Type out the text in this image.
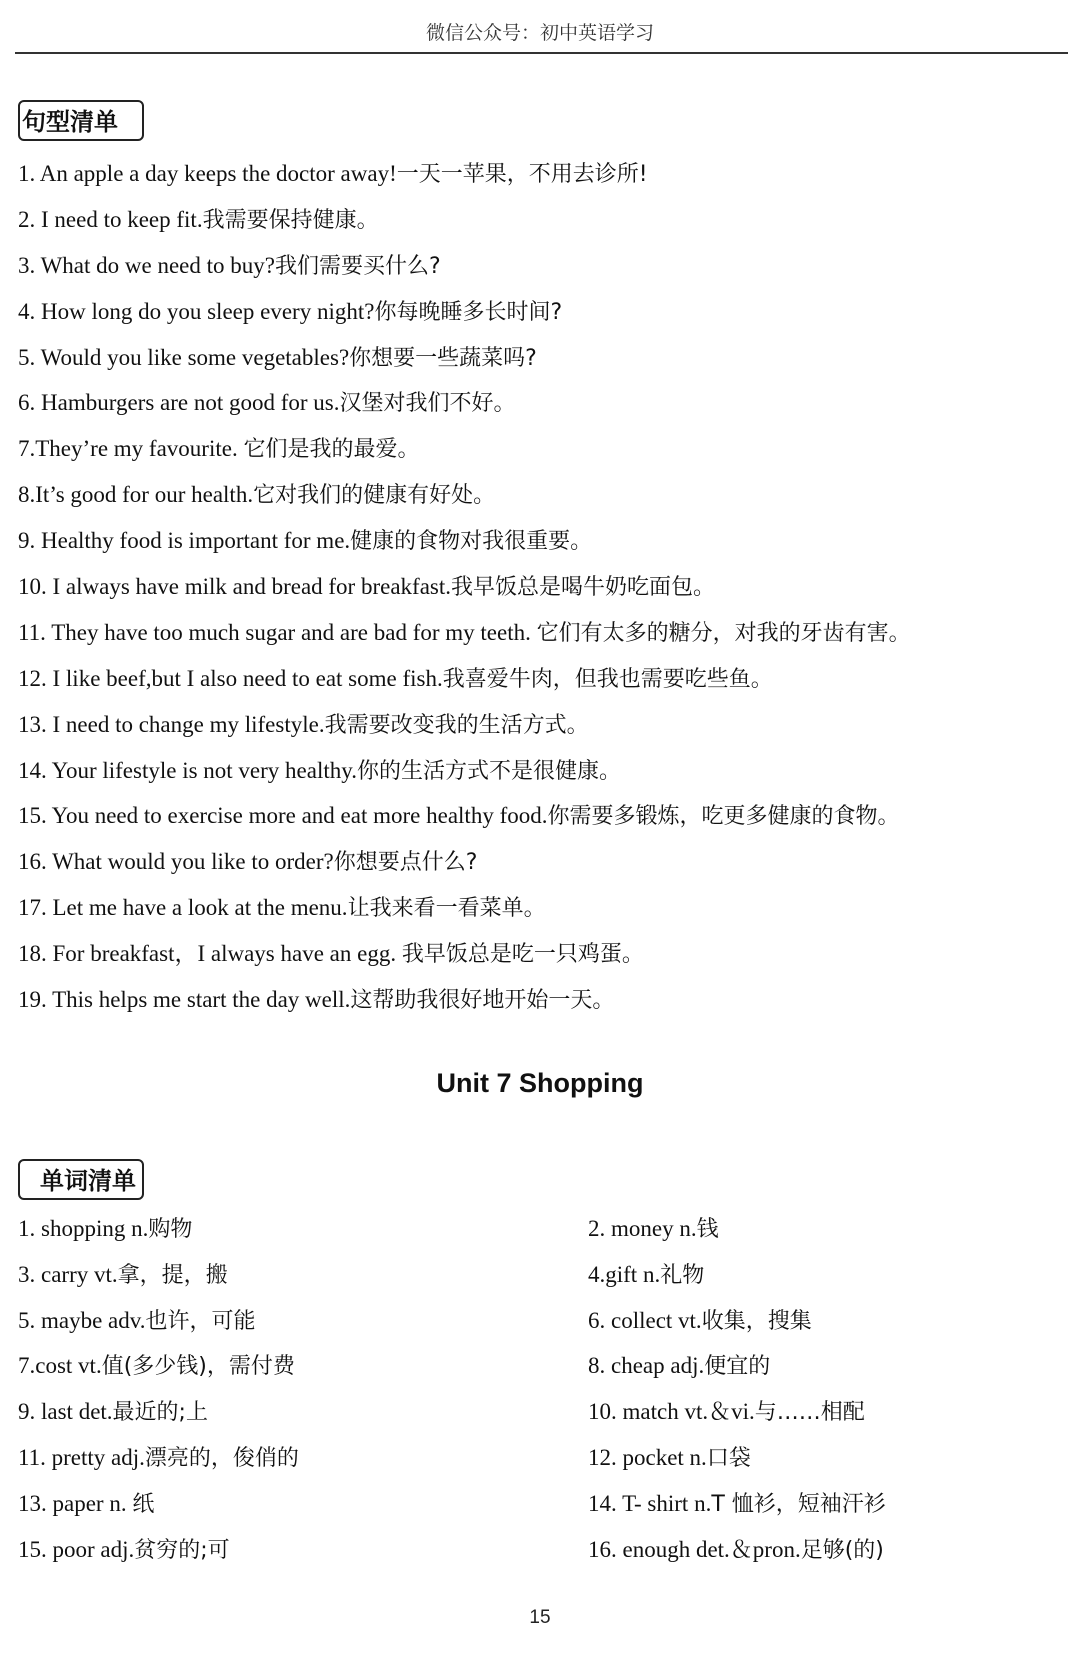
微信公众号：初中英语学习
句型清单
1. An apple a day keeps the doctor away!一天一苹果，不用去诊所!
2. I need to keep fit.我需要保持健康。
3. What do we need to buy?我们需要买什么?
4. How long do you sleep every night?你每晚睡多长时间?
5. Would you like some vegetables?你想要一些蔬菜吗?
6. Hamburgers are not good for us.汉堡对我们不好。
7.They’re my favourite. 它们是我的最爱。
8.It’s good for our health.它对我们的健康有好处。
9. Healthy food is important for me.健康的食物对我很重要。
10. I always have milk and bread for breakfast.我早饭总是喝牛奶吃面包。
11. They have too much sugar and are bad for my teeth. 它们有太多的糖分，对我的牙齿有害。
12. I like beef,but I also need to eat some fish.我喜爱牛肉，但我也需要吃些鱼。
13. I need to change my lifestyle.我需要改变我的生活方式。
14. Your lifestyle is not very healthy.你的生活方式不是很健康。
15. You need to exercise more and eat more healthy food.你需要多锻炼，吃更多健康的食物。
16. What would you like to order?你想要点什么?
17. Let me have a look at the menu.让我来看一看菜单。
18. For breakfast，I always have an egg. 我早饭总是吃一只鸡蛋。
19. This helps me start the day well.这帮助我很好地开始一天。
Unit 7 Shopping
单词清单
1. shopping n.购物	2. money n.钱
3. carry vt.拿，提，搬	4.gift n.礼物
5. maybe adv.也许，可能	6. collect vt.收集，搜集
7.cost vt.值(多少钱)，需付费	8. cheap adj.便宜的
9. last det.最近的;上	10. match vt.＆vi.与……相配
11. pretty adj.漂亮的，俊俏的	12. pocket n.口袋
13. paper n. 纸	14. T- shirt n.T 恤衫，短袖汗衫
15. poor adj.贫穷的;可	16. enough det.＆pron.足够(的)
15
